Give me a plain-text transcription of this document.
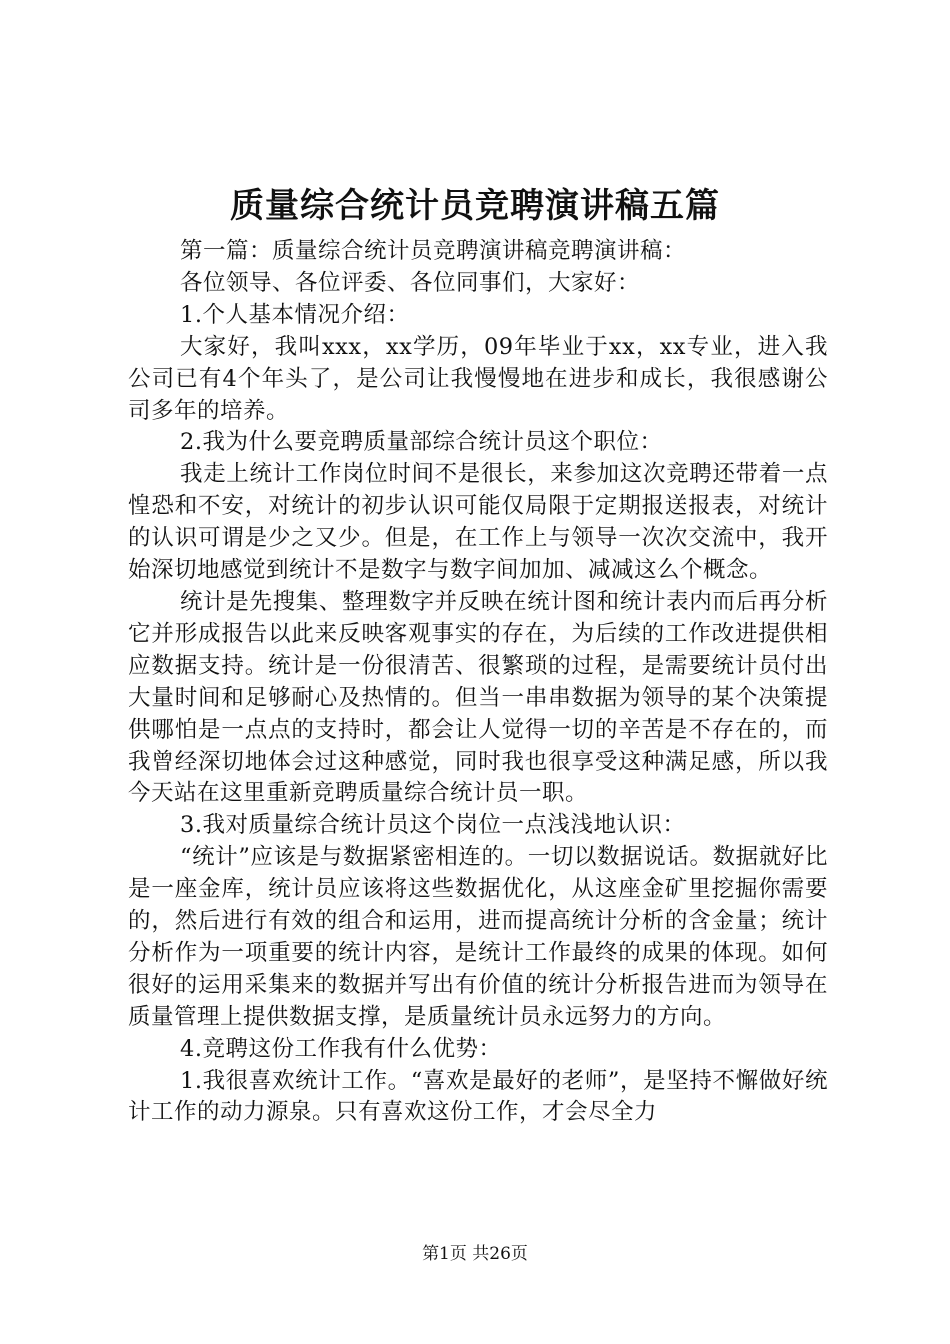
质量综合统计员竞聘演讲稿五篇

第一篇：质量综合统计员竞聘演讲稿竞聘演讲稿：

各位领导、各位评委、各位同事们，大家好：

1.个人基本情况介绍：

大家好，我叫xxx，xx学历，09年毕业于xx，xx专业，进入我公司已有4个年头了，是公司让我慢慢地在进步和成长，我很感谢公司多年的培养。

2.我为什么要竞聘质量部综合统计员这个职位：

我走上统计工作岗位时间不是很长，来参加这次竞聘还带着一点惶恐和不安，对统计的初步认识可能仅局限于定期报送报表，对统计的认识可谓是少之又少。但是，在工作上与领导一次次交流中，我开始深切地感觉到统计不是数字与数字间加加、减减这么个概念。

统计是先搜集、整理数字并反映在统计图和统计表内而后再分析它并形成报告以此来反映客观事实的存在，为后续的工作改进提供相应数据支持。统计是一份很清苦、很繁琐的过程，是需要统计员付出大量时间和足够耐心及热情的。但当一串串数据为领导的某个决策提供哪怕是一点点的支持时，都会让人觉得一切的辛苦是不存在的，而我曾经深切地体会过这种感觉，同时我也很享受这种满足感，所以我今天站在这里重新竞聘质量综合统计员一职。

3.我对质量综合统计员这个岗位一点浅浅地认识：

“统计”应该是与数据紧密相连的。一切以数据说话。数据就好比是一座金库，统计员应该将这些数据优化，从这座金矿里挖掘你需要的，然后进行有效的组合和运用，进而提高统计分析的含金量；统计分析作为一项重要的统计内容，是统计工作最终的成果的体现。如何很好的运用采集来的数据并写出有价值的统计分析报告进而为领导在质量管理上提供数据支撑，是质量统计员永远努力的方向。

4.竞聘这份工作我有什么优势：

1.我很喜欢统计工作。“喜欢是最好的老师”，是坚持不懈做好统计工作的动力源泉。只有喜欢这份工作，才会尽全力

第1页 共26页
